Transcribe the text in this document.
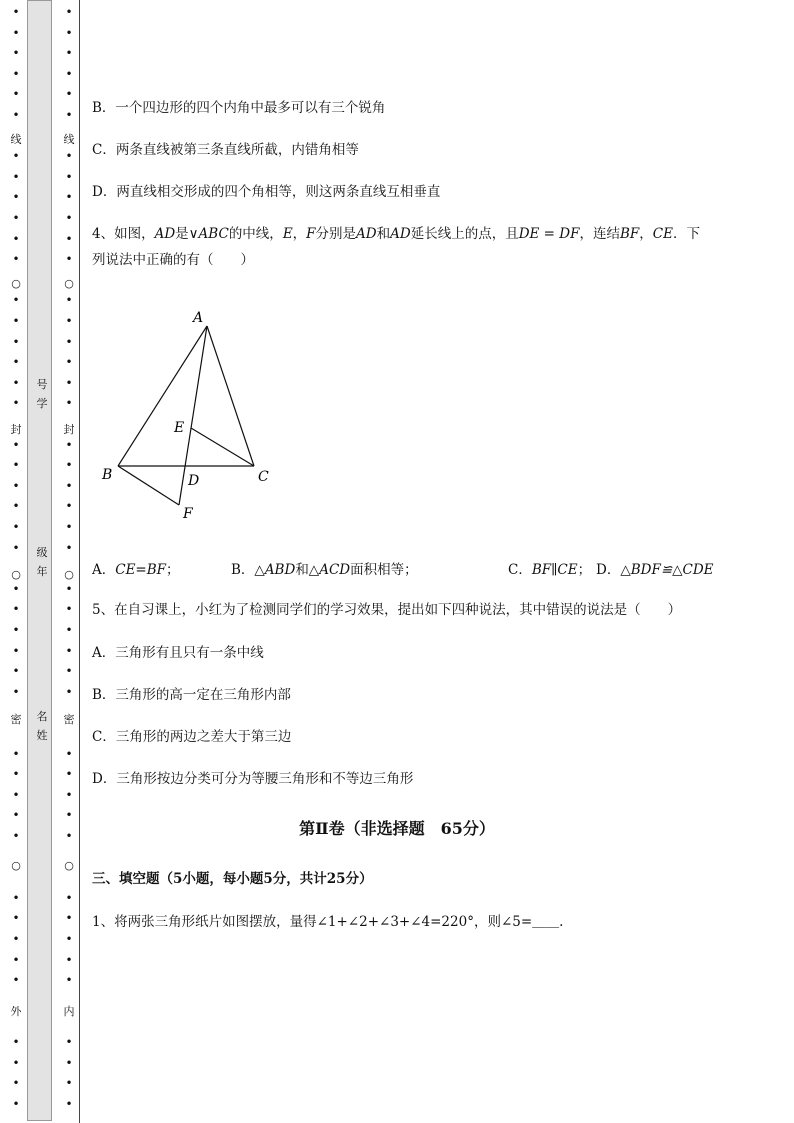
•
•
•
•
•
•
•
•
•
•
•
•
•
•
•
•
•
•
•
•
•
•
•
•
•
•
•
•
•
•
•
•
•
•
•
•
•
•
•
•
•
•
•
•
线
○
封
○
密
○
外
•
•
•
•
•
•
•
•
•
•
•
•
•
•
•
•
•
•
•
•
•
•
•
•
•
•
•
•
•
•
•
•
•
•
•
•
•
•
•
•
•
•
•
•
线
○
封
○
密
○
内
号
学
级
年
名
姓
B．一个四边形的四个内角中最多可以有三个锐角
C．两条直线被第三条直线所截，内错角相等
D．两直线相交形成的四个角相等，则这两条直线互相垂直
4、如图，AD是∨ABC的中线，E，F分别是AD和AD延长线上的点，且DE = DF，连结BF，CE．下
列说法中正确的有（　　）
A
B	C
D
E
F
A．CE=BF；	B．△ABD和△ACD面积相等；	C．BF∥CE； D．△BDF≌△CDE
5、在自习课上，小红为了检测同学们的学习效果，提出如下四种说法，其中错误的说法是（　　）
A．三角形有且只有一条中线
B．三角形的高一定在三角形内部
C．三角形的两边之差大于第三边
D．三角形按边分类可分为等腰三角形和不等边三角形
第Ⅱ卷（非选择题　65分）
三、填空题（5小题，每小题5分，共计25分）
1、将两张三角形纸片如图摆放，量得∠1+∠2+∠3+∠4=220°，则∠5=＿＿.
